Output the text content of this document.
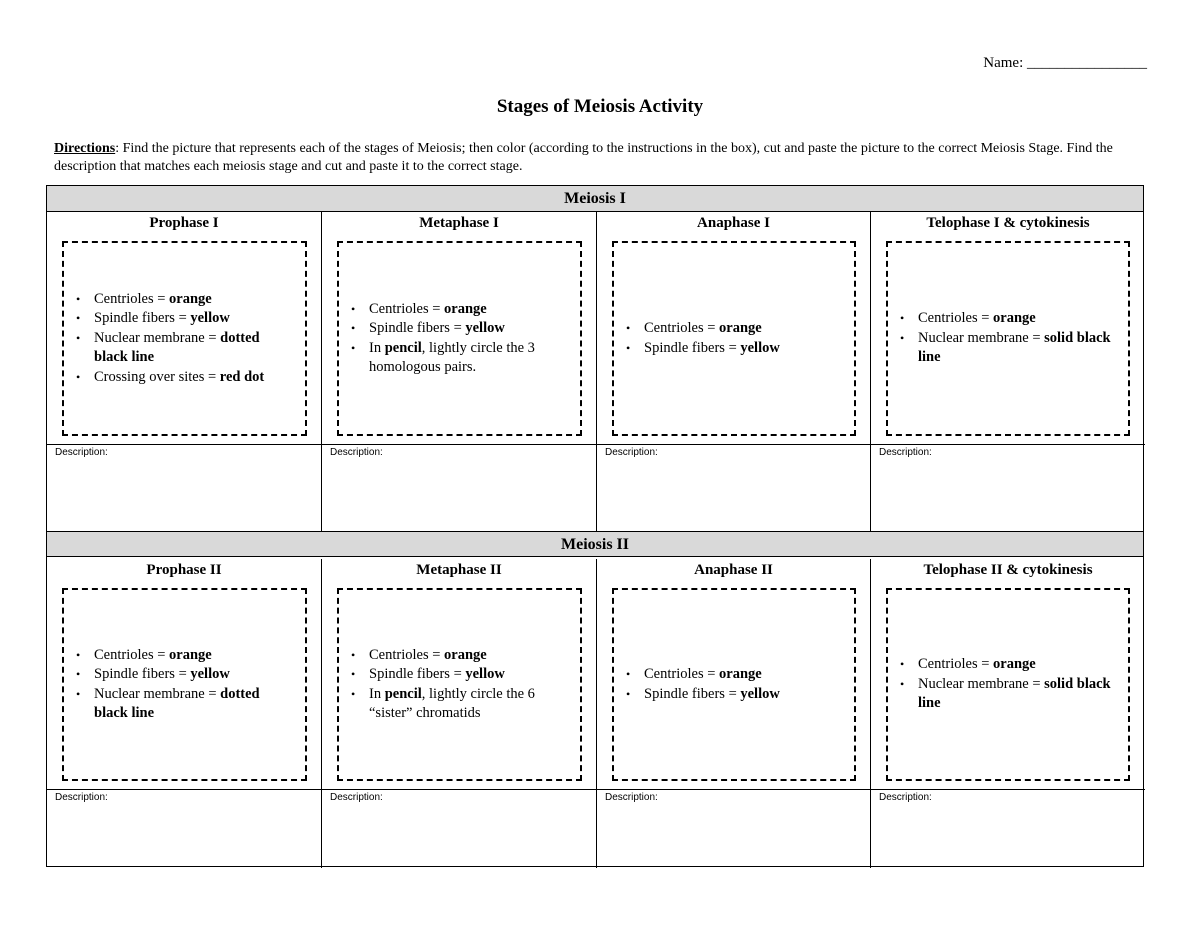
Name: ________________
Stages of Meiosis Activity
Directions: Find the picture that represents each of the stages of Meiosis; then color (according to the instructions in the box), cut and paste the picture to the correct Meiosis Stage. Find the description that matches each meiosis stage and cut and paste it to the correct stage.
Meiosis I
Prophase I
• Centrioles = orange
• Spindle fibers = yellow
• Nuclear membrane = dotted black line
• Crossing over sites = red dot
Description:
Metaphase I
• Centrioles = orange
• Spindle fibers = yellow
• In pencil, lightly circle the 3 homologous pairs.
Description:
Anaphase I
• Centrioles = orange
• Spindle fibers = yellow
Description:
Telophase I & cytokinesis
• Centrioles = orange
• Nuclear membrane = solid black line
Description:
Meiosis II
Prophase II
• Centrioles = orange
• Spindle fibers = yellow
• Nuclear membrane = dotted black line
Description:
Metaphase II
• Centrioles = orange
• Spindle fibers = yellow
• In pencil, lightly circle the 6 “sister” chromatids
Description:
Anaphase II
• Centrioles = orange
• Spindle fibers = yellow
Description:
Telophase II & cytokinesis
• Centrioles = orange
• Nuclear membrane = solid black line
Description:
